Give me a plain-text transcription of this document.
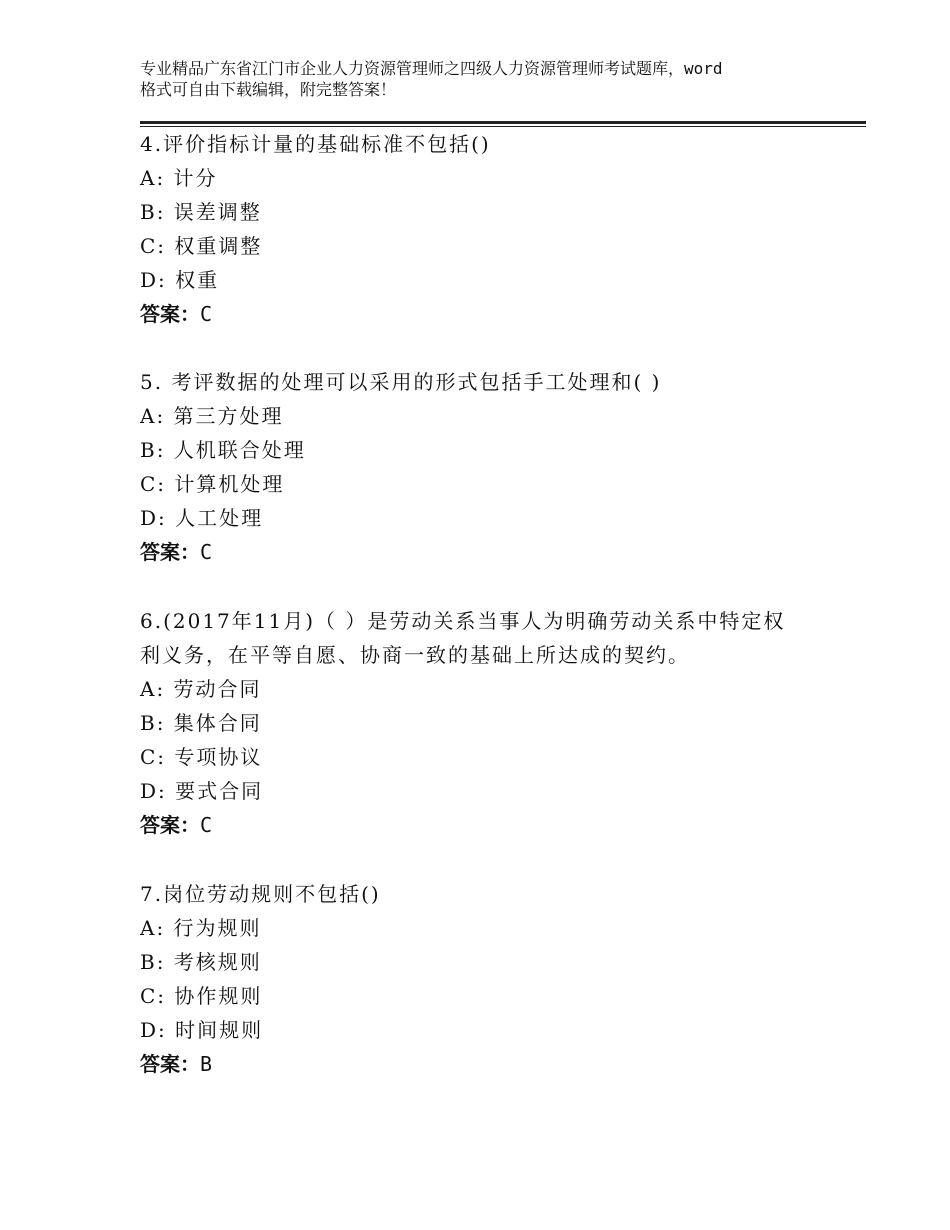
专业精品广东省江门市企业人力资源管理师之四级人力资源管理师考试题库，word
格式可自由下载编辑，附完整答案！
4.评价指标计量的基础标准不包括()
A: 计分
B: 误差调整
C: 权重调整
D: 权重
答案：C
5. 考评数据的处理可以采用的形式包括手工处理和( )
A: 第三方处理
B: 人机联合处理
C: 计算机处理
D: 人工处理
答案：C
6.(2017年11月)（ ）是劳动关系当事人为明确劳动关系中特定权利义务，在平等自愿、协商一致的基础上所达成的契约。
A: 劳动合同
B: 集体合同
C: 专项协议
D: 要式合同
答案：C
7.岗位劳动规则不包括()
A: 行为规则
B: 考核规则
C: 协作规则
D: 时间规则
答案：B
